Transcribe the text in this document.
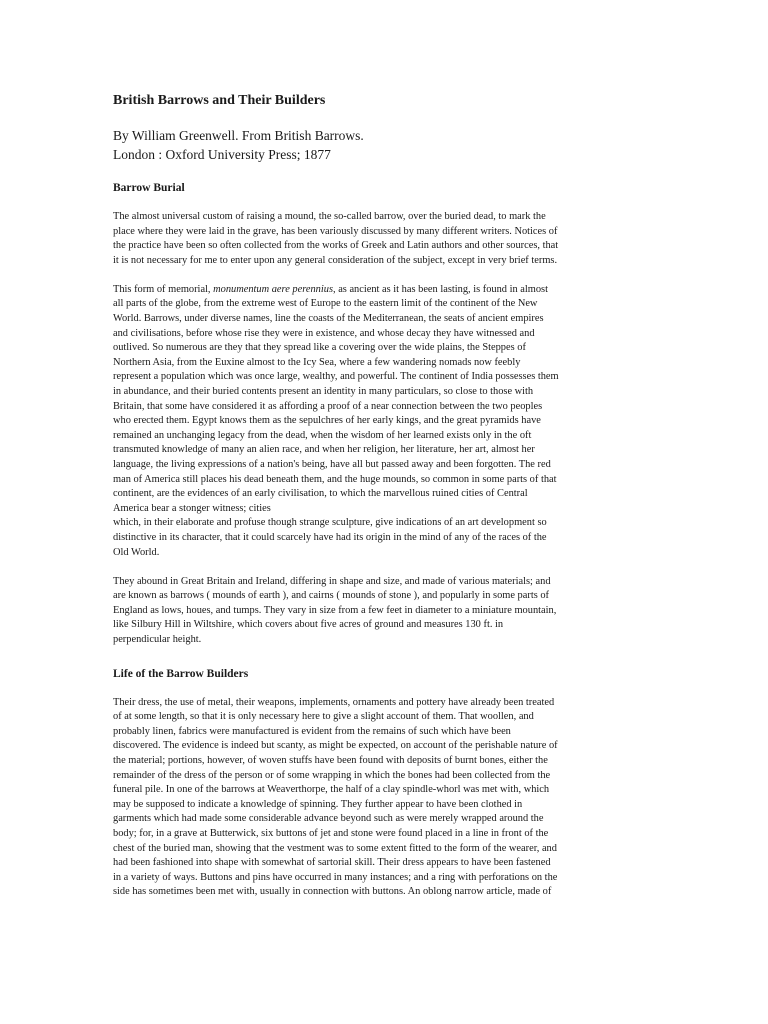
British Barrows and Their Builders
By William Greenwell. From British Barrows.
London : Oxford University Press; 1877
Barrow Burial

The almost universal custom of raising a mound, the so-called barrow, over the buried dead, to mark the
place where they were laid in the grave, has been variously discussed by many different writers. Notices of
the practice have been so often collected from the works of Greek and Latin authors and other sources, that
it is not necessary for me to enter upon any general consideration of the subject, except in very brief terms.

This form of memorial, monumentum aere perennius, as ancient as it has been lasting, is found in almost
all parts of the globe, from the extreme west of Europe to the eastern limit of the continent of the New
World. Barrows, under diverse names, line the coasts of the Mediterranean, the seats of ancient empires
and civilisations, before whose rise they were in existence, and whose decay they have witnessed and
outlived. So numerous are they that they spread like a covering over the wide plains, the Steppes of
Northern Asia, from the Euxine almost to the Icy Sea, where a few wandering nomads now feebly
represent a population which was once large, wealthy, and powerful. The continent of India possesses them
in abundance, and their buried contents present an identity in many particulars, so close to those with
Britain, that some have considered it as affording a proof of a near connection between the two peoples
who erected them. Egypt knows them as the sepulchres of her early kings, and the great pyramids have
remained an unchanging legacy from the dead, when the wisdom of her learned exists only in the oft
transmuted knowledge of many an alien race, and when her religion, her literature, her art, almost her
language, the living expressions of a nation's being, have all but passed away and been forgotten. The red
man of America still places his dead beneath them, and the huge mounds, so common in some parts of that
continent, are the evidences of an early civilisation, to which the marvellous ruined cities of Central
America bear a stonger witness; cities
which, in their elaborate and profuse though strange sculpture, give indications of an art development so
distinctive in its character, that it could scarcely have had its origin in the mind of any of the races of the
Old World.

They abound in Great Britain and Ireland, differing in shape and size, and made of various materials; and
are known as barrows ( mounds of earth ), and cairns ( mounds of stone ), and popularly in some parts of
England as lows, houes, and tumps. They vary in size from a few feet in diameter to a miniature mountain,
like Silbury Hill in Wiltshire, which covers about five acres of ground and measures 130 ft. in
perpendicular height.

Life of the Barrow Builders

Their dress, the use of metal, their weapons, implements, ornaments and pottery have already been treated
of at some length, so that it is only necessary here to give a slight account of them. That woollen, and
probably linen, fabrics were manufactured is evident from the remains of such which have been
discovered. The evidence is indeed but scanty, as might be expected, on account of the perishable nature of
the material; portions, however, of woven stuffs have been found with deposits of burnt bones, either the
remainder of the dress of the person or of some wrapping in which the bones had been collected from the
funeral pile. In one of the barrows at Weaverthorpe, the half of a clay spindle-whorl was met with, which
may be supposed to indicate a knowledge of spinning. They further appear to have been clothed in
garments which had made some considerable advance beyond such as were merely wrapped around the
body; for, in a grave at Butterwick, six buttons of jet and stone were found placed in a line in front of the
chest of the buried man, showing that the vestment was to some extent fitted to the form of the wearer, and
had been fashioned into shape with somewhat of sartorial skill. Their dress appears to have been fastened
in a variety of ways. Buttons and pins have occurred in many instances; and a ring with perforations on the
side has sometimes been met with, usually in connection with buttons. An oblong narrow article, made of
